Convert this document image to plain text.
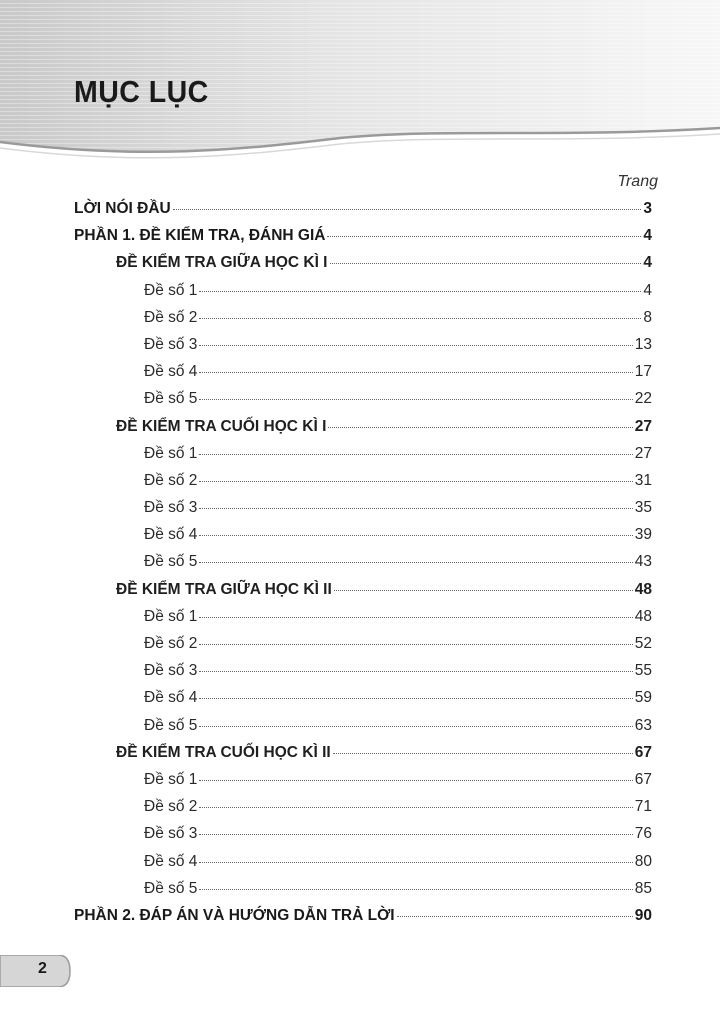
MỤC LỤC
Trang
LỜI NÓI ĐẦU	3
PHẦN 1. ĐỀ KIỂM TRA, ĐÁNH GIÁ	4
ĐỀ KIỂM TRA GIỮA HỌC KÌ I	4
Đề số 1	4
Đề số 2	8
Đề số 3	13
Đề số 4	17
Đề số 5	22
ĐỀ KIỂM TRA CUỐI HỌC KÌ I	27
Đề số 1	27
Đề số 2	31
Đề số 3	35
Đề số 4	39
Đề số 5	43
ĐỀ KIỂM TRA GIỮA HỌC KÌ II	48
Đề số 1	48
Đề số 2	52
Đề số 3	55
Đề số 4	59
Đề số 5	63
ĐỀ KIỂM TRA CUỐI HỌC KÌ II	67
Đề số 1	67
Đề số 2	71
Đề số 3	76
Đề số 4	80
Đề số 5	85
PHẦN 2. ĐÁP ÁN VÀ HƯỚNG DẪN TRẢ LỜI	90
2
